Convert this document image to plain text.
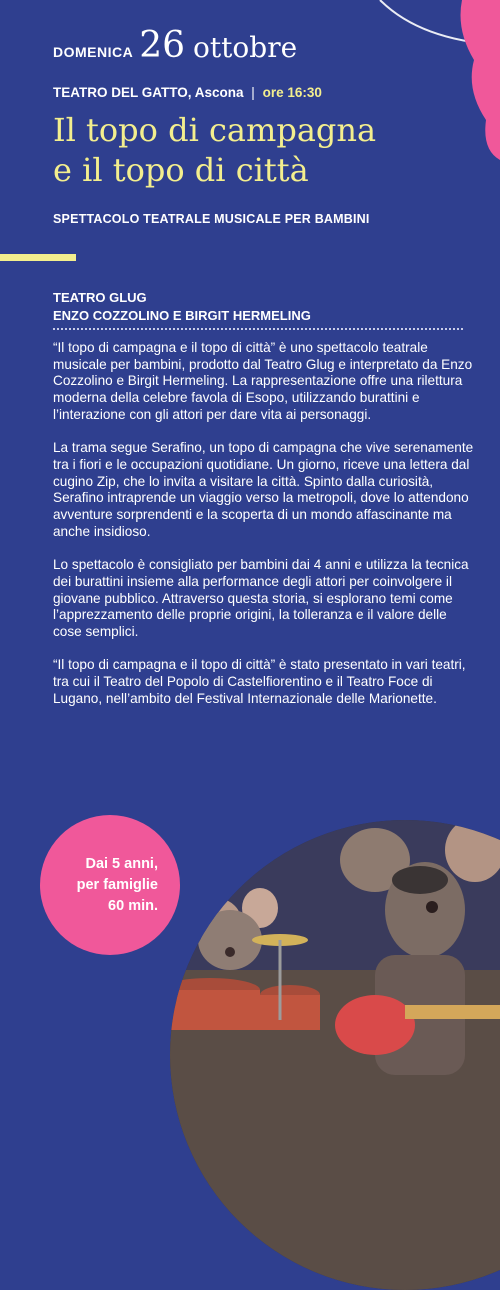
DOMENICA 26 ottobre
TEATRO DEL GATTO, Ascona | ore 16:30
Il topo di campagna
e il topo di città
SPETTACOLO TEATRALE MUSICALE PER BAMBINI
TEATRO GLUG
ENZO COZZOLINO E BIRGIT HERMELING

“Il topo di campagna e il topo di città” è uno spettacolo teatrale musicale per bambini, prodotto dal Teatro Glug e interpretato da Enzo Cozzolino e Birgit Hermeling. La rappresentazione offre una rilettura moderna della celebre favola di Esopo, utilizzando burattini e l’interazione con gli attori per dare vita ai personaggi.

La trama segue Serafino, un topo di campagna che vive serenamente tra i fiori e le occupazioni quotidiane. Un giorno, riceve una lettera dal cugino Zip, che lo invita a visitare la città. Spinto dalla curiosità, Serafino intraprende un viaggio verso la metropoli, dove lo attendono avventure sorprendenti e la scoperta di un mondo affascinante ma anche insidioso.

Lo spettacolo è consigliato per bambini dai 4 anni e utilizza la tecnica dei burattini insieme alla performance degli attori per coinvolgere il giovane pubblico. Attraverso questa storia, si esplorano temi come l’apprezzamento delle proprie origini, la tolleranza e il valore delle cose semplici.

“Il topo di campagna e il topo di città” è stato presentato in vari teatri, tra cui il Teatro del Popolo di Castelfiorentino e il Teatro Foce di Lugano, nell’ambito del Festival Internazionale delle Marionette.

Dai 5 anni,
per famiglie
60 min.
